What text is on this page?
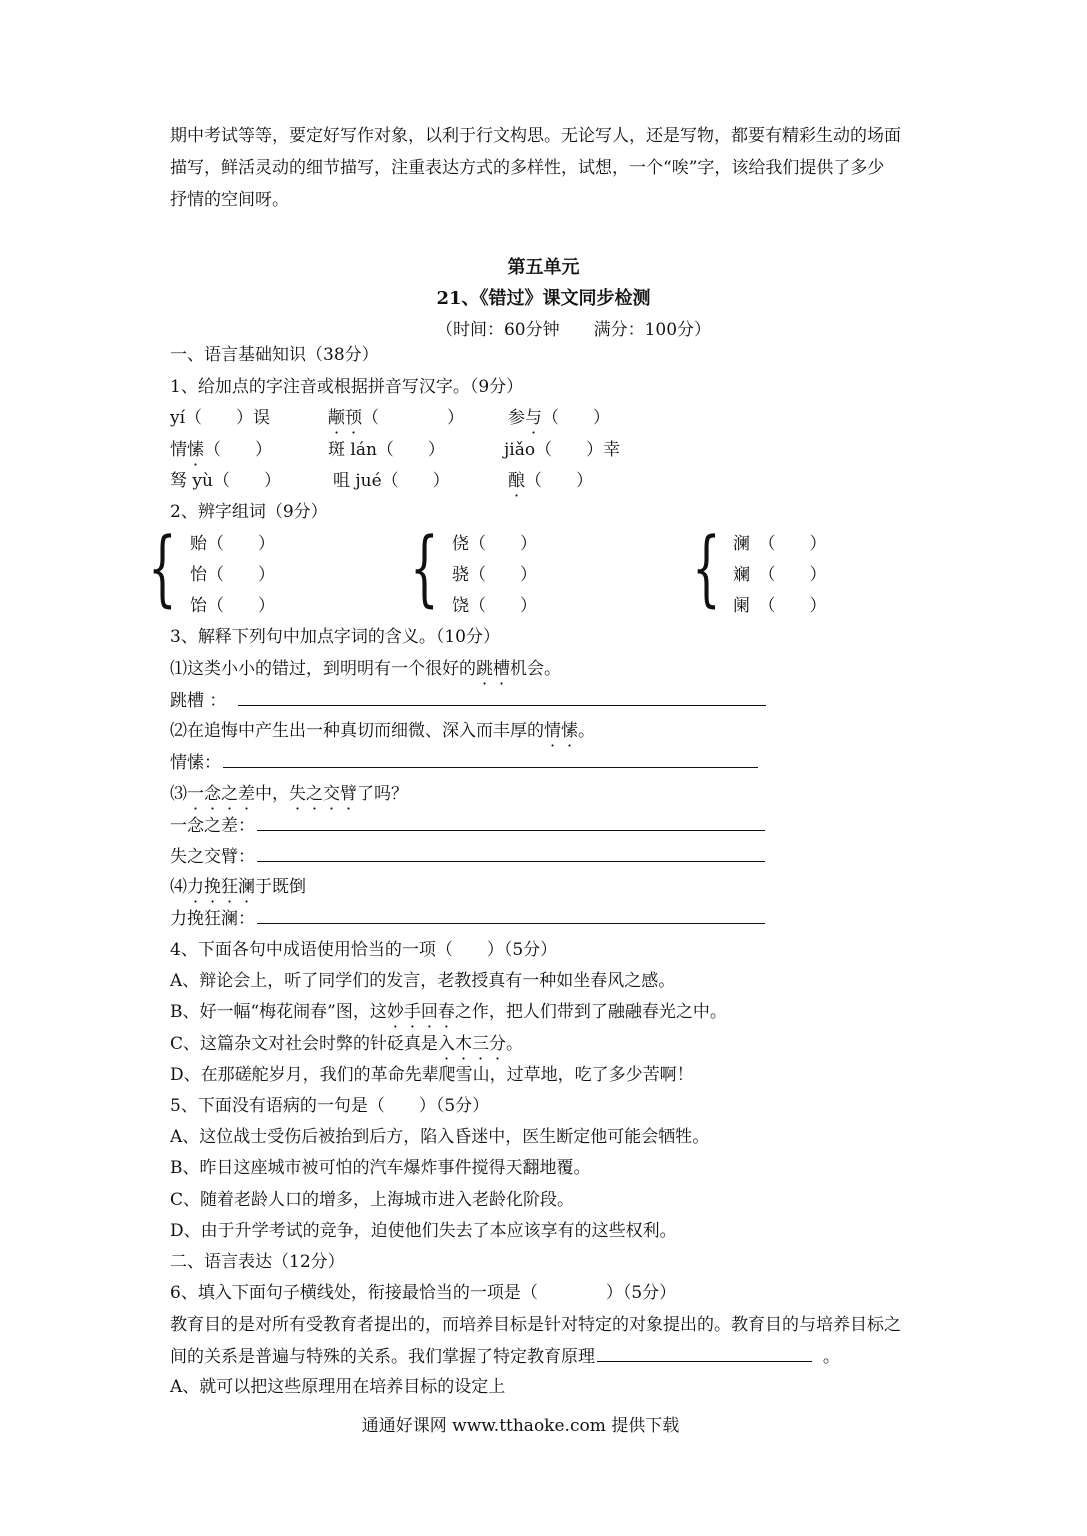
期中考试等等，要定好写作对象，以利于行文构思。无论写人，还是写物，都要有精彩生动的场面
描写，鲜活灵动的细节描写，注重表达方式的多样性，试想，一个“唉”字，该给我们提供了多少
抒情的空间呀。
第五单元
21、《错过》课文同步检测
（时间：60分钟　　满分：100分）
一、语言基础知识（38分）
1、给加点的字注音或根据拼音写汉字。（9分）
yí（　　）误	颟顸（　　　　）	参与（　　）
情愫（　　）	斑 lán（　　）	jiǎo（　　）幸
驽 yù（　　）	咀 jué（　　）	酿（　　）
2、辨字组词（9分）
{ 贻（　　）
怡（　　）
饴（　　） { 侥（　　）
骁（　　）
饶（　　） { 澜　（　　）
斓　（　　）
阑　（　　）
3、解释下列句中加点字词的含义。（10分）
⑴这类小小的错过，到明明有一个很好的跳槽机会。
跳槽 ：
⑵在追悔中产生出一种真切而细微、深入而丰厚的情愫。
情愫：
⑶一念之差中，失之交臂了吗？
一念之差：
失之交臂：
⑷力挽狂澜于既倒
力挽狂澜：
4、下面各句中成语使用恰当的一项（　　）（5分）
A、辩论会上，听了同学们的发言，老教授真有一种如坐春风之感。
B、好一幅“梅花闹春”图，这妙手回春之作，把人们带到了融融春光之中。
C、这篇杂文对社会时弊的针砭真是入木三分。
D、在那磋舵岁月，我们的革命先辈爬雪山，过草地，吃了多少苦啊！
5、下面没有语病的一句是（　　）（5分）
A、这位战士受伤后被抬到后方，陷入昏迷中，医生断定他可能会牺牲。
B、昨日这座城市被可怕的汽车爆炸事件搅得天翻地覆。
C、随着老龄人口的增多，上海城市进入老龄化阶段。
D、由于升学考试的竞争，迫使他们失去了本应该享有的这些权利。
二、语言表达（12分）
6、填入下面句子横线处，衔接最恰当的一项是（　　　　）（5分）
教育目的是对所有受教育者提出的，而培养目标是针对特定的对象提出的。教育目的与培养目标之
间的关系是普遍与特殊的关系。我们掌握了特定教育原理	。
A、就可以把这些原理用在培养目标的设定上
通通好课网 www.tthaoke.com 提供下载
